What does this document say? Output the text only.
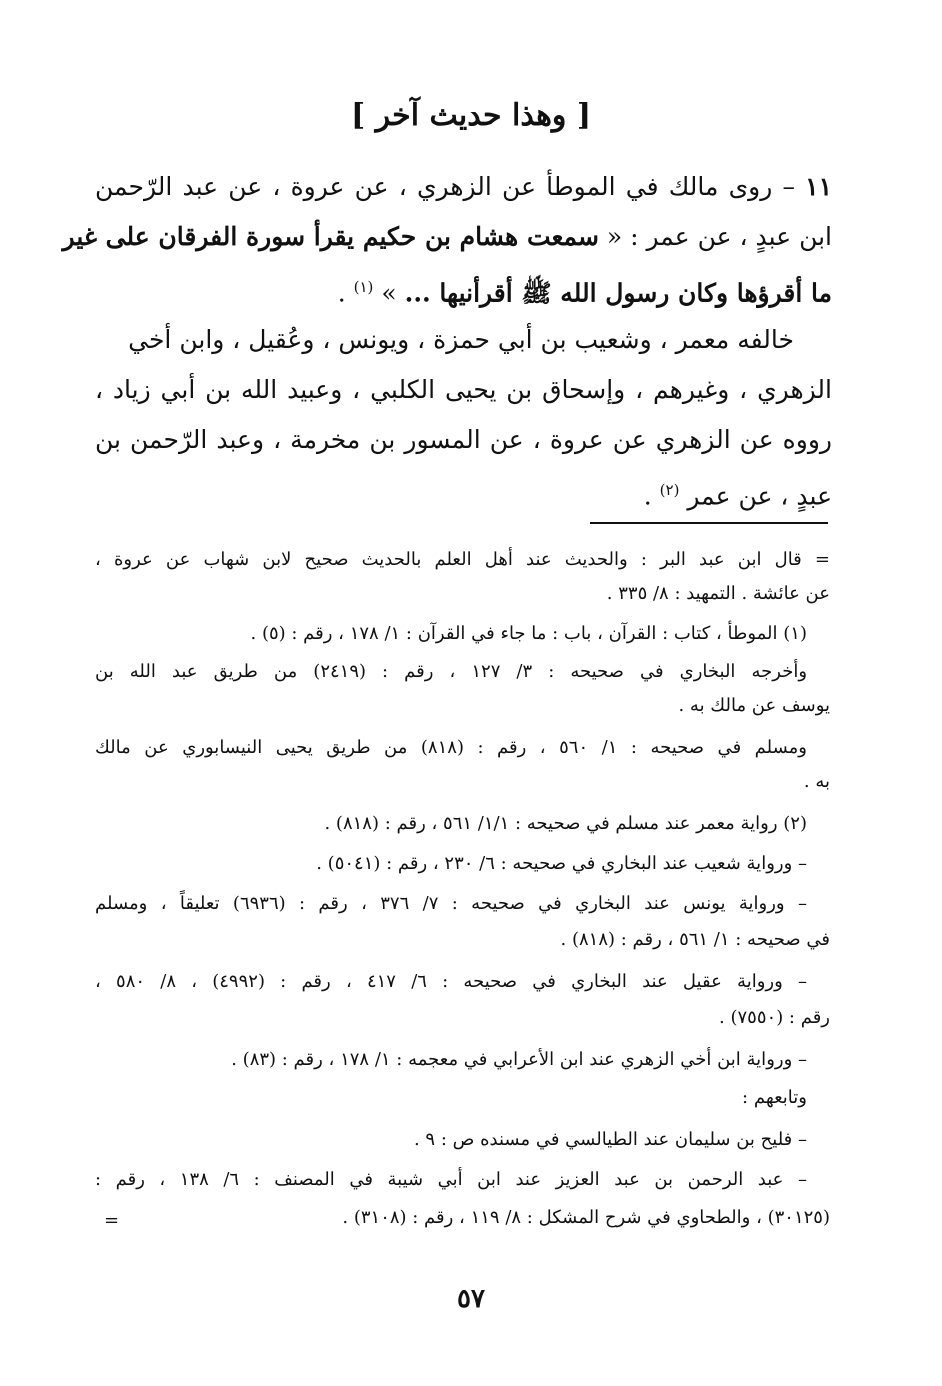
[ وهذا حديث آخر ]
١١ – روى مالك في الموطأ عن الزهري ، عن عروة ، عن عبد الرّحمن
ابن عبدٍ ، عن عمر : « سمعت هشام بن حكيم يقرأ سورة الفرقان على غير
ما أقرؤها وكان رسول الله ﷺ أقرأنيها ... » $^{(١)}$ .
خالفه معمر ، وشعيب بن أبي حمزة ، ويونس ، وعُقيل ، وابن أخي
الزهري ، وغيرهم ، وإسحاق بن يحيى الكلبي ، وعبيد الله بن أبي زياد ،
رووه عن الزهري عن عروة ، عن المسور بن مخرمة ، وعبد الرّحمن بن
عبدٍ ، عن عمر $^{(٢)}$ .
= قال ابن عبد البر : والحديث عند أهل العلم بالحديث صحيح لابن شهاب عن عروة ،
عن عائشة . التمهيد : ٨/ ٣٣٥ .
(١) الموطأ ، كتاب : القرآن ، باب : ما جاء في القرآن : ١/ ١٧٨ ، رقم : (٥) .
وأخرجه البخاري في صحيحه : ٣/ ١٢٧ ، رقم : (٢٤١٩) من طريق عبد الله بن
يوسف عن مالك به .
ومسلم في صحيحه : ١/ ٥٦٠ ، رقم : (٨١٨) من طريق يحيى النيسابوري عن مالك
به .
(٢) رواية معمر عند مسلم في صحيحه : ١/١/ ٥٦١ ، رقم : (٨١٨) .
– ورواية شعيب عند البخاري في صحيحه : ٦/ ٢٣٠ ، رقم : (٥٠٤١) .
– ورواية يونس عند البخاري في صحيحه : ٧/ ٣٧٦ ، رقم : (٦٩٣٦) تعليقاً ، ومسلم
في صحيحه : ١/ ٥٦١ ، رقم : (٨١٨) .
– ورواية عقيل عند البخاري في صحيحه : ٦/ ٤١٧ ، رقم : (٤٩٩٢) ، ٨/ ٥٨٠ ،
رقم : (٧٥٥٠) .
– ورواية ابن أخي الزهري عند ابن الأعرابي في معجمه : ١/ ١٧٨ ، رقم : (٨٣) .
وتابعهم :
– فليح بن سليمان عند الطيالسي في مسنده ص : ٩ .
– عبد الرحمن بن عبد العزيز عند ابن أبي شيبة في المصنف : ٦/ ١٣٨ ، رقم :
(٣٠١٢٥) ، والطحاوي في شرح المشكل : ٨/ ١١٩ ، رقم : (٣١٠٨) .
=
٥٧
